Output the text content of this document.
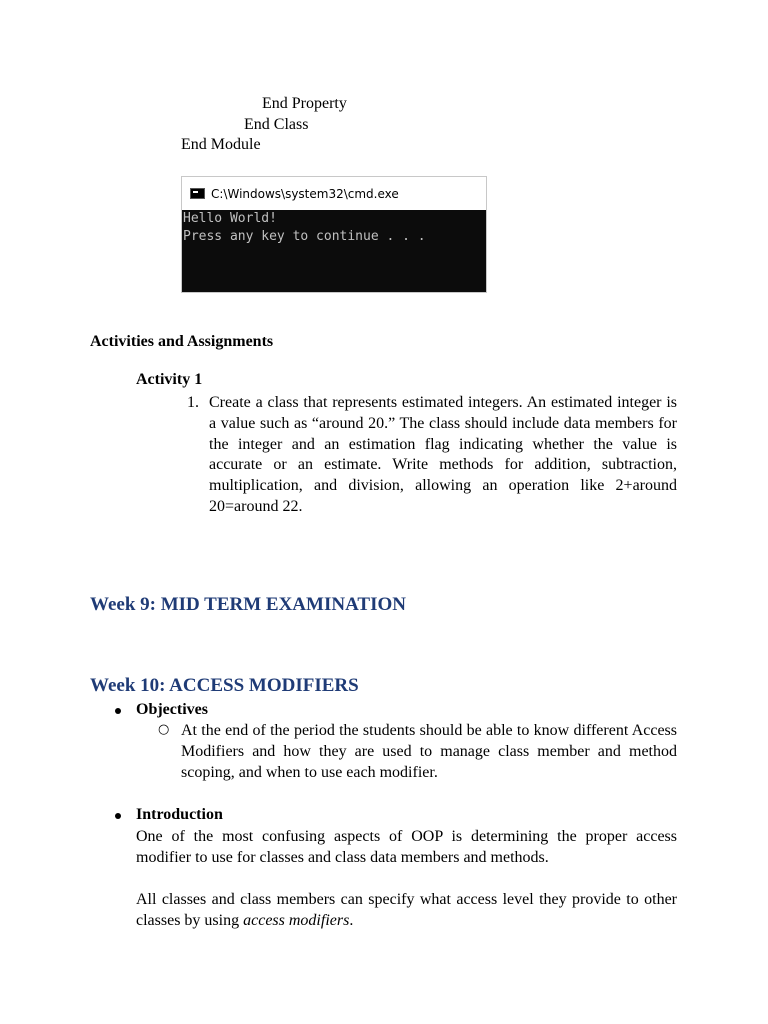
End Property
End Class
End Module
C:\Windows\system32\cmd.exe
Hello World!
Press any key to continue . . .
Activities and Assignments
Activity 1
1. Create a class that represents estimated integers. An estimated integer is a value such as “around 20.” The class should include data members for the integer and an estimation flag indicating whether the value is accurate or an estimate. Write methods for addition, subtraction, multiplication, and division, allowing an operation like 2+around 20=around 22.
Week 9: MID TERM EXAMINATION
Week 10: ACCESS MODIFIERS
Objectives
○ At the end of the period the students should be able to know different Access Modifiers and how they are used to manage class member and method scoping, and when to use each modifier.
Introduction
One of the most confusing aspects of OOP is determining the proper access modifier to use for classes and class data members and methods.
All classes and class members can specify what access level they provide to other classes by using access modifiers.
